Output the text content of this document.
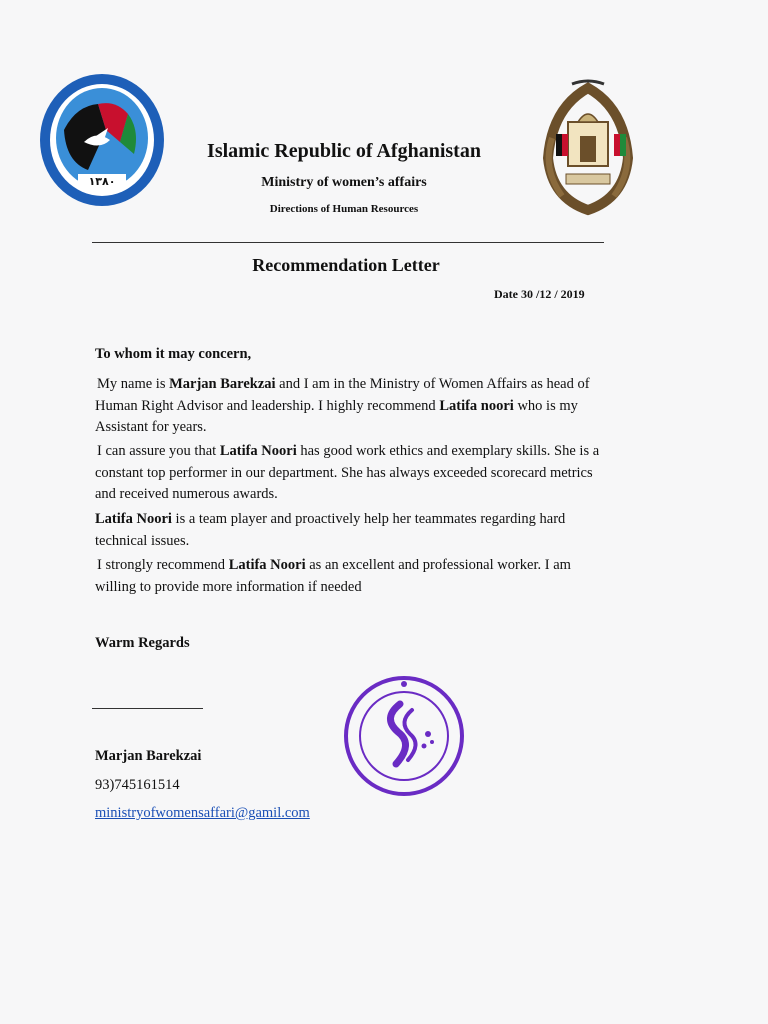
۱۳۸۰
Islamic Republic of Afghanistan
Ministry of women’s affairs
Directions of Human Resources
Recommendation Letter
Date 30 /12 / 2019
To whom it may concern,
My name is Marjan Barekzai and I am in the Ministry of Women Affairs as head of Human Right Advisor and leadership. I highly recommend Latifa noori who is my Assistant for years.
I can assure you that Latifa Noori has good work ethics and exemplary skills. She is a constant top performer in our department. She has always exceeded scorecard metrics and received numerous awards.
Latifa Noori is a team player and proactively help her teammates regarding hard technical issues.
I strongly recommend Latifa Noori as an excellent and professional worker. I am willing to provide more information if needed
Warm Regards
Marjan Barekzai
93)745161514
ministryofwomensaffari@gamil.com
